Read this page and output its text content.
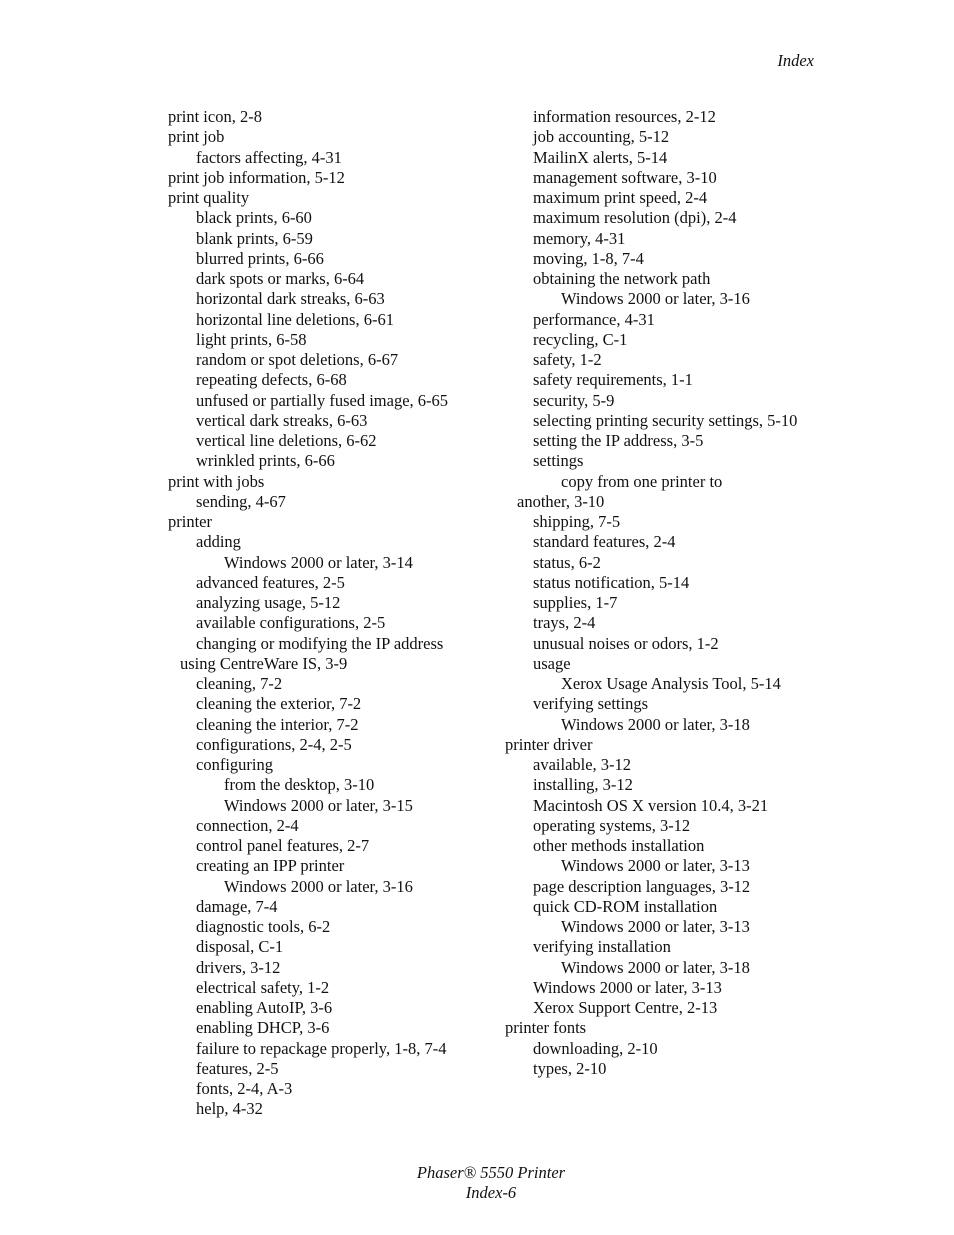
Index
print icon, 2-8
print job
factors affecting, 4-31
print job information, 5-12
print quality
black prints, 6-60
blank prints, 6-59
blurred prints, 6-66
dark spots or marks, 6-64
horizontal dark streaks, 6-63
horizontal line deletions, 6-61
light prints, 6-58
random or spot deletions, 6-67
repeating defects, 6-68
unfused or partially fused image, 6-65
vertical dark streaks, 6-63
vertical line deletions, 6-62
wrinkled prints, 6-66
print with jobs
sending, 4-67
printer
adding
Windows 2000 or later, 3-14
advanced features, 2-5
analyzing usage, 5-12
available configurations, 2-5
changing or modifying the IP address
using CentreWare IS, 3-9
cleaning, 7-2
cleaning the exterior, 7-2
cleaning the interior, 7-2
configurations, 2-4, 2-5
configuring
from the desktop, 3-10
Windows 2000 or later, 3-15
connection, 2-4
control panel features, 2-7
creating an IPP printer
Windows 2000 or later, 3-16
damage, 7-4
diagnostic tools, 6-2
disposal, C-1
drivers, 3-12
electrical safety, 1-2
enabling AutoIP, 3-6
enabling DHCP, 3-6
failure to repackage properly, 1-8, 7-4
features, 2-5
fonts, 2-4, A-3
help, 4-32
information resources, 2-12
job accounting, 5-12
MailinX alerts, 5-14
management software, 3-10
maximum print speed, 2-4
maximum resolution (dpi), 2-4
memory, 4-31
moving, 1-8, 7-4
obtaining the network path
Windows 2000 or later, 3-16
performance, 4-31
recycling, C-1
safety, 1-2
safety requirements, 1-1
security, 5-9
selecting printing security settings, 5-10
setting the IP address, 3-5
settings
copy from one printer to
another, 3-10
shipping, 7-5
standard features, 2-4
status, 6-2
status notification, 5-14
supplies, 1-7
trays, 2-4
unusual noises or odors, 1-2
usage
Xerox Usage Analysis Tool, 5-14
verifying settings
Windows 2000 or later, 3-18
printer driver
available, 3-12
installing, 3-12
Macintosh OS X version 10.4, 3-21
operating systems, 3-12
other methods installation
Windows 2000 or later, 3-13
page description languages, 3-12
quick CD-ROM installation
Windows 2000 or later, 3-13
verifying installation
Windows 2000 or later, 3-18
Windows 2000 or later, 3-13
Xerox Support Centre, 2-13
printer fonts
downloading, 2-10
types, 2-10
Phaser® 5550 Printer
Index-6
